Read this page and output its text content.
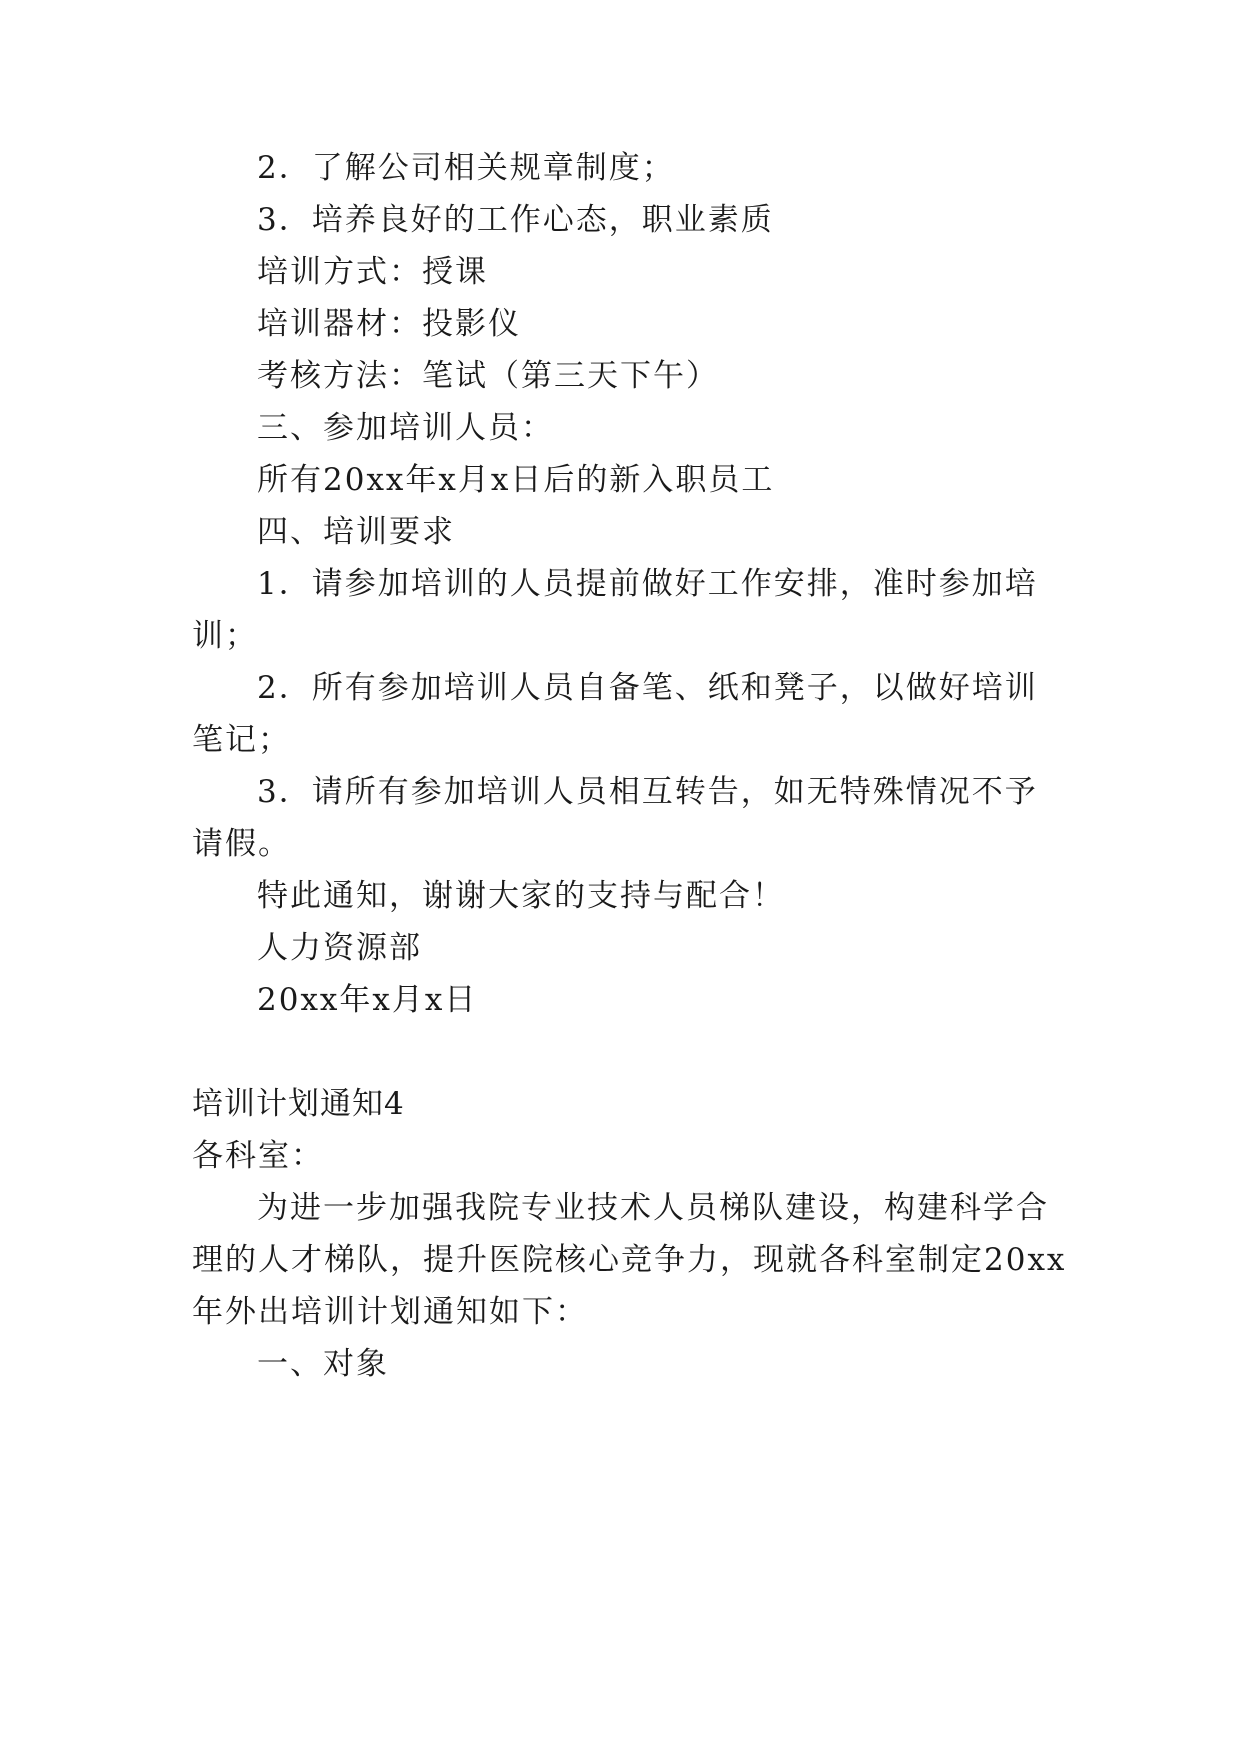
2．了解公司相关规章制度；
3．培养良好的工作心态，职业素质
培训方式：授课
培训器材：投影仪
考核方法：笔试（第三天下午）
三、参加培训人员：
所有20xx年x月x日后的新入职员工
四、培训要求
1．请参加培训的人员提前做好工作安排，准时参加培
训；
2．所有参加培训人员自备笔、纸和凳子，以做好培训
笔记；
3．请所有参加培训人员相互转告，如无特殊情况不予
请假。
特此通知，谢谢大家的支持与配合！
人力资源部
20xx年x月x日
培训计划通知4
各科室：
为进一步加强我院专业技术人员梯队建设，构建科学合
理的人才梯队，提升医院核心竞争力，现就各科室制定20xx
年外出培训计划通知如下：
一、对象
